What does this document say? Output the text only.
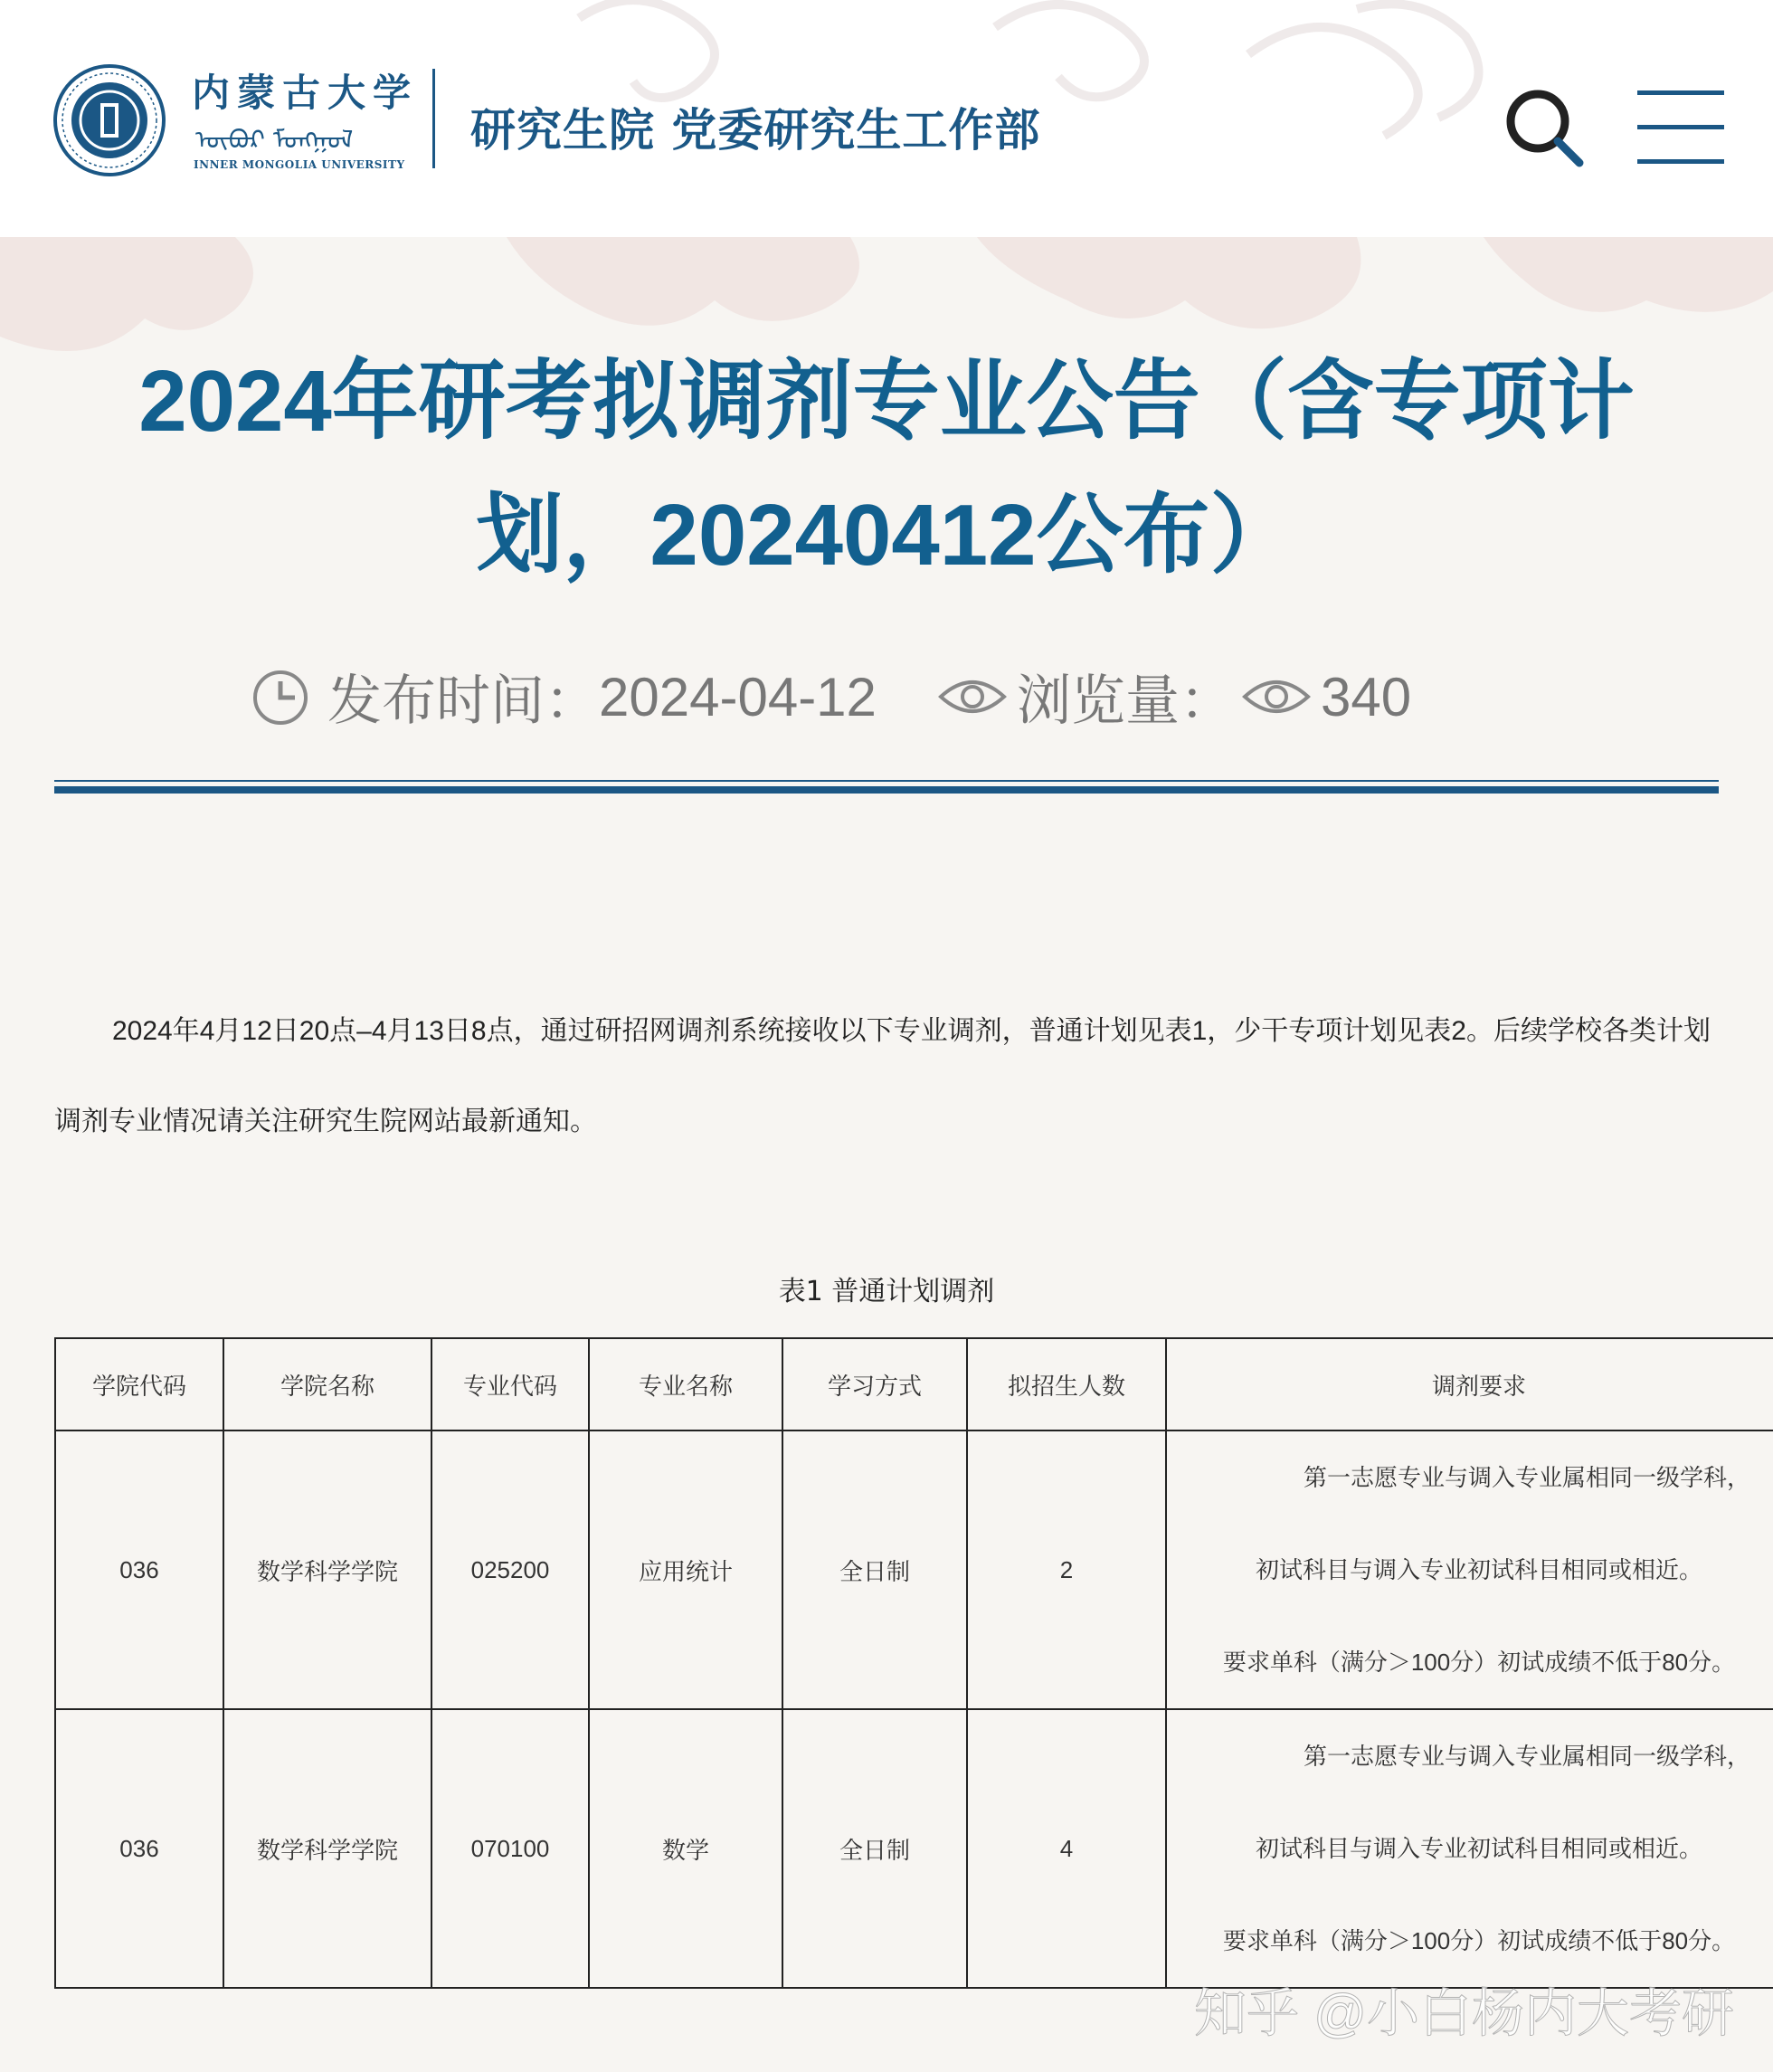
内蒙古大学
ᠦᠪᠦᠷ ᠮᠣᠩᠭᠣᠯ
INNER MONGOLIA UNIVERSITY
研究生院 党委研究生工作部
2024年研考拟调剂专业公告（含专项计划，20240412公布）
发布时间： 2024-04-12	浏览量： 340
2024年4月12日20点–4月13日8点，通过研招网调剂系统接收以下专业调剂，普通计划见表1，少干专项计划见表2。后续学校各类计划调剂专业情况请关注研究生院网站最新通知。
表1 普通计划调剂
学院代码	学院名称	专业代码	专业名称	学习方式	拟招生人数	调剂要求
036	数学科学学院	025200	应用统计	全日制	2	第一志愿专业与调入专业属相同一级学科，
初试科目与调入专业初试科目相同或相近。
要求单科（满分＞100分）初试成绩不低于80分。

036	数学科学学院	070100	数学	全日制	4	第一志愿专业与调入专业属相同一级学科，
初试科目与调入专业初试科目相同或相近。
要求单科（满分＞100分）初试成绩不低于80分。
知乎 @小白杨内大考研
